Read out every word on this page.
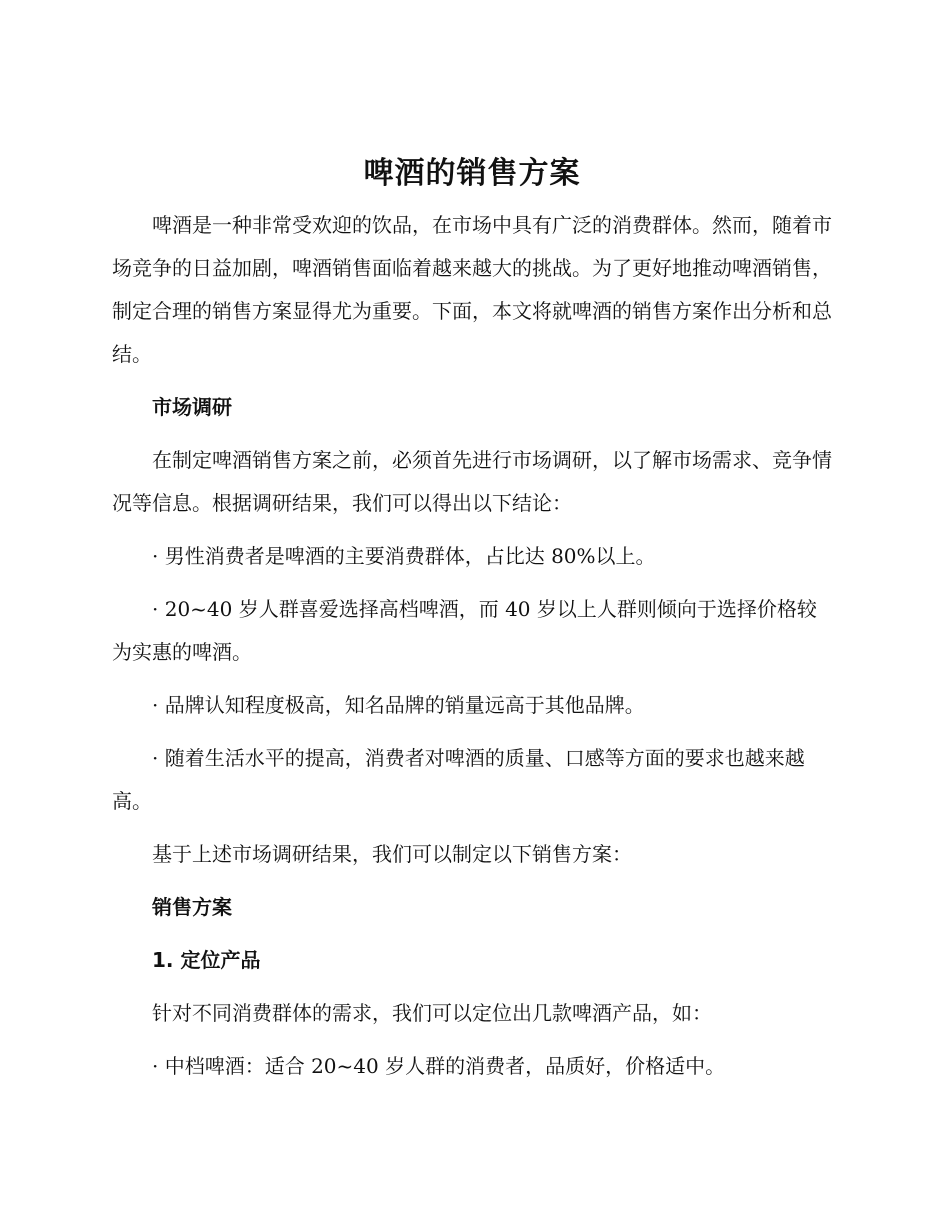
啤酒的销售方案

啤酒是一种非常受欢迎的饮品，在市场中具有广泛的消费群体。然而，随着市场竞争的日益加剧，啤酒销售面临着越来越大的挑战。为了更好地推动啤酒销售，制定合理的销售方案显得尤为重要。下面，本文将就啤酒的销售方案作出分析和总结。

市场调研

在制定啤酒销售方案之前，必须首先进行市场调研，以了解市场需求、竞争情况等信息。根据调研结果，我们可以得出以下结论：

· 男性消费者是啤酒的主要消费群体，占比达 80%以上。

· 20~40 岁人群喜爱选择高档啤酒，而 40 岁以上人群则倾向于选择价格较为实惠的啤酒。

· 品牌认知程度极高，知名品牌的销量远高于其他品牌。

· 随着生活水平的提高，消费者对啤酒的质量、口感等方面的要求也越来越高。

基于上述市场调研结果，我们可以制定以下销售方案：

销售方案

1. 定位产品

针对不同消费群体的需求，我们可以定位出几款啤酒产品，如：

· 中档啤酒：适合 20~40 岁人群的消费者，品质好，价格适中。
